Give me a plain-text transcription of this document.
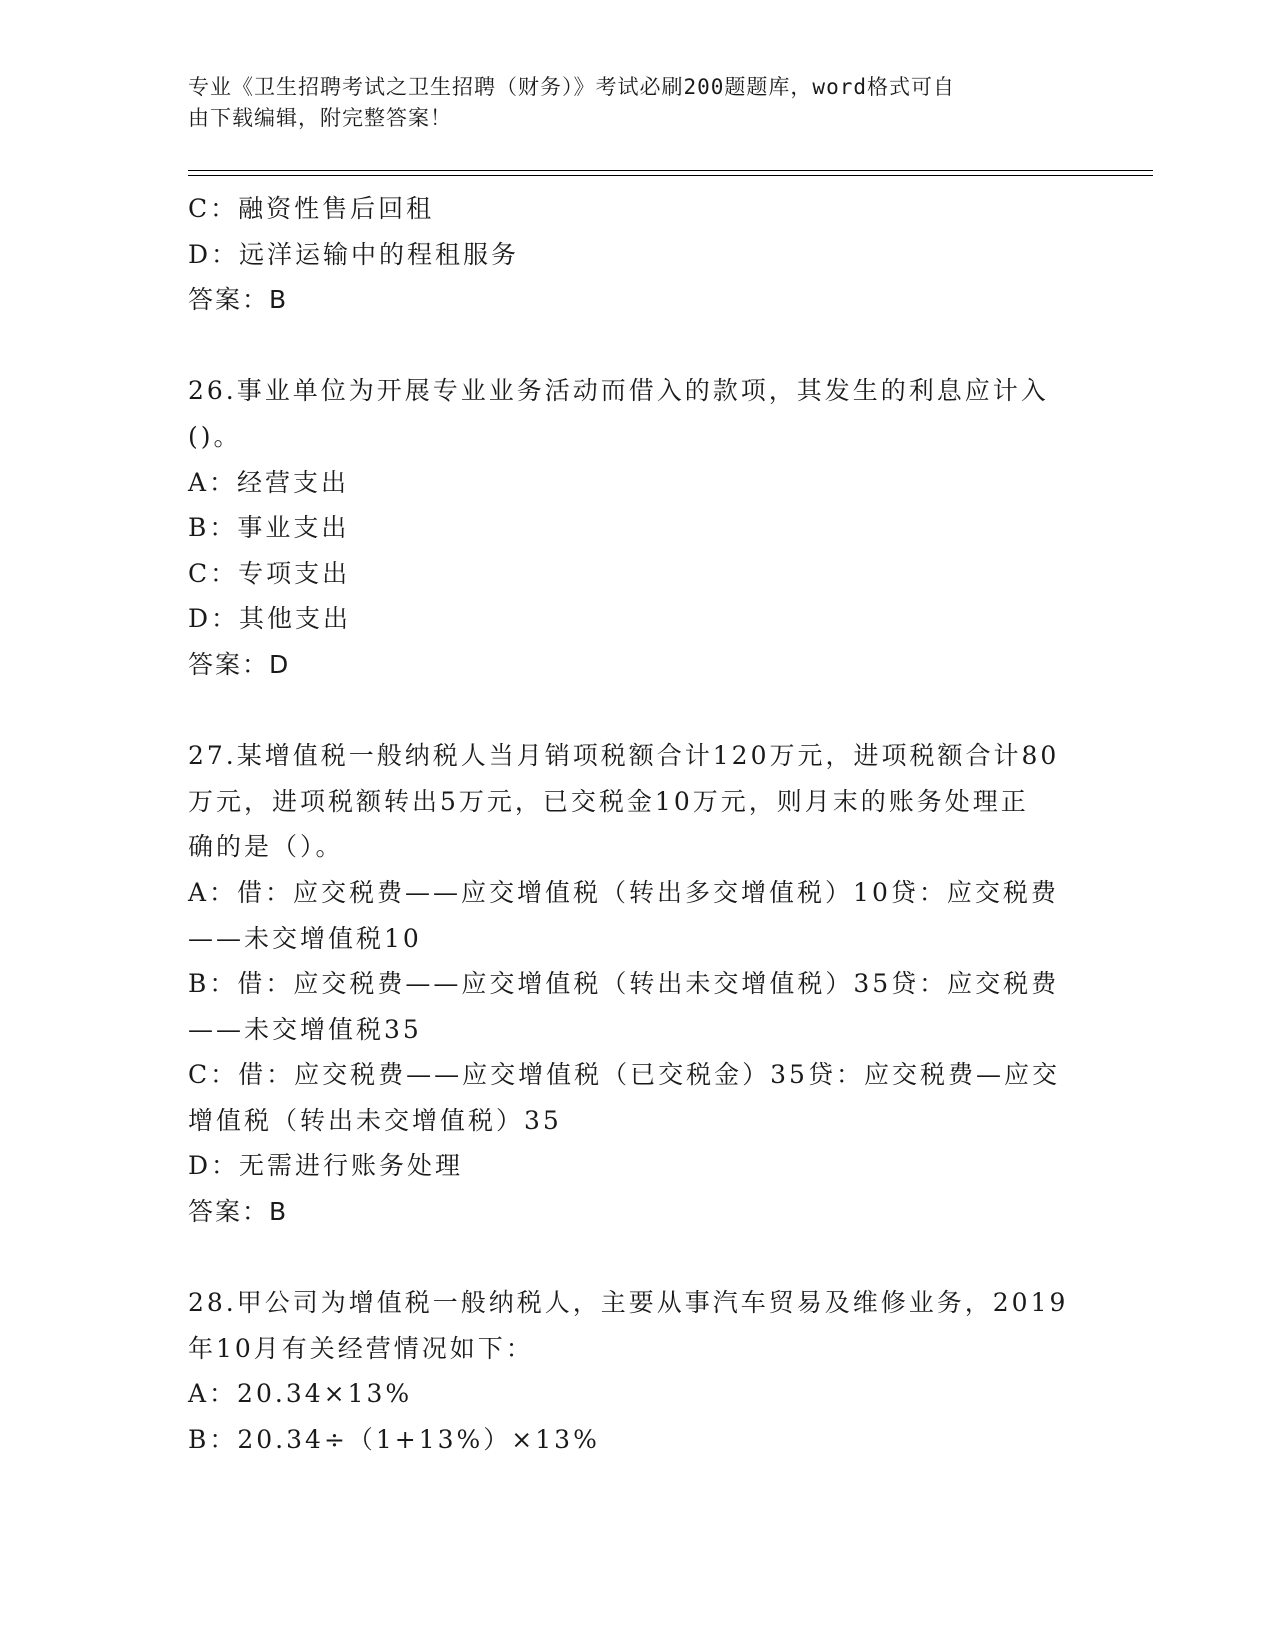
专业《卫生招聘考试之卫生招聘（财务）》考试必刷200题题库，word格式可自
由下载编辑，附完整答案！
C：融资性售后回租
D：远洋运输中的程租服务
答案：B
26.事业单位为开展专业业务活动而借入的款项，其发生的利息应计入
()。
A：经营支出
B：事业支出
C：专项支出
D：其他支出
答案：D
27.某增值税一般纳税人当月销项税额合计120万元，进项税额合计80
万元，进项税额转出5万元，已交税金10万元，则月末的账务处理正
确的是（）。
A：借：应交税费——应交增值税（转出多交增值税）10贷：应交税费
——未交增值税10
B：借：应交税费——应交增值税（转出未交增值税）35贷：应交税费
——未交增值税35
C：借：应交税费——应交增值税（已交税金）35贷：应交税费—应交
增值税（转出未交增值税）35
D：无需进行账务处理
答案：B
28.甲公司为增值税一般纳税人，主要从事汽车贸易及维修业务，2019
年10月有关经营情况如下：
A：20.34×13%
B：20.34÷（1+13%）×13%
